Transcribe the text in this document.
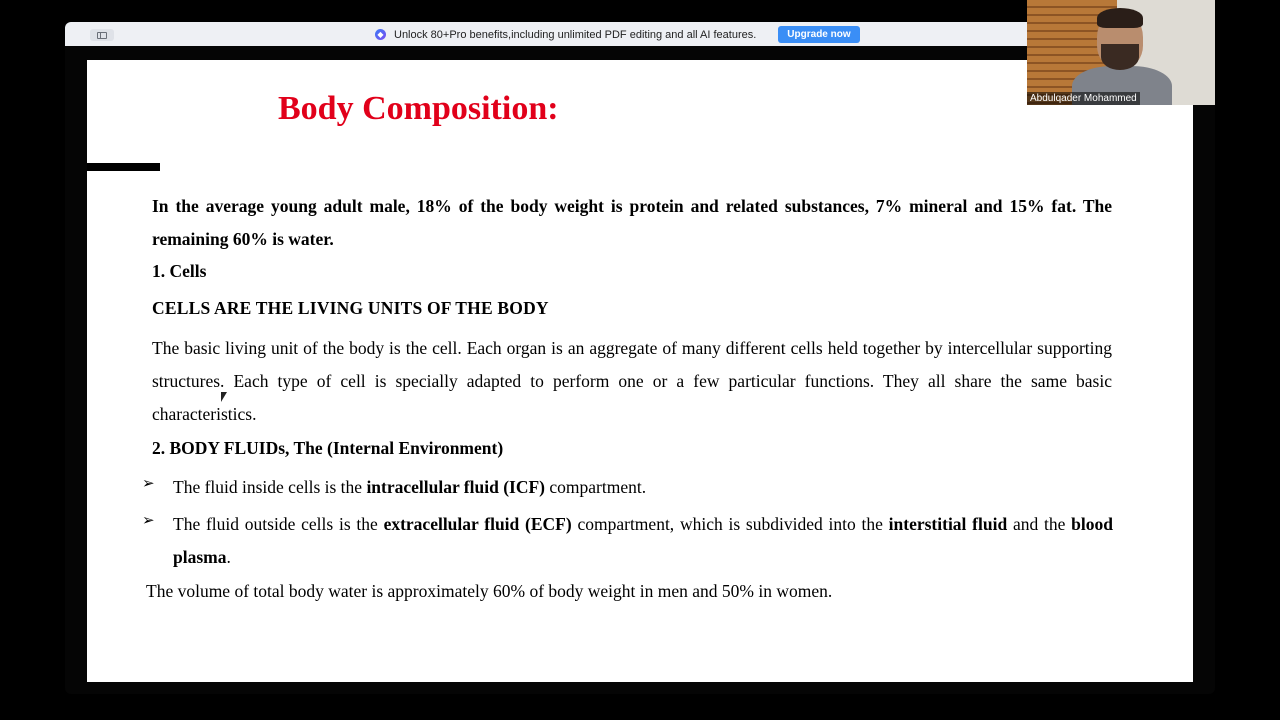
◆ Unlock 80+Pro benefits,including unlimited PDF editing and all AI features.	Upgrade now
Body Composition:

In the average young adult male, 18% of the body weight is protein and related substances, 7% mineral and 15% fat. The remaining 60% is water.

1. Cells

CELLS ARE THE LIVING UNITS OF THE BODY

The basic living unit of the body is the cell. Each organ is an aggregate of many different cells held together by intercellular supporting structures. Each type of cell is specially adapted to perform one or a few particular functions. They all share the same basic characteristics.

2. BODY FLUIDs, The (Internal Environment)

➢ The fluid inside cells is the intracellular fluid (ICF) compartment.

➢ The fluid outside cells is the extracellular fluid (ECF) compartment, which is subdivided into the interstitial fluid and the blood plasma.

The volume of total body water is approximately 60% of body weight in men and 50% in women.

Abdulqader Mohammed
